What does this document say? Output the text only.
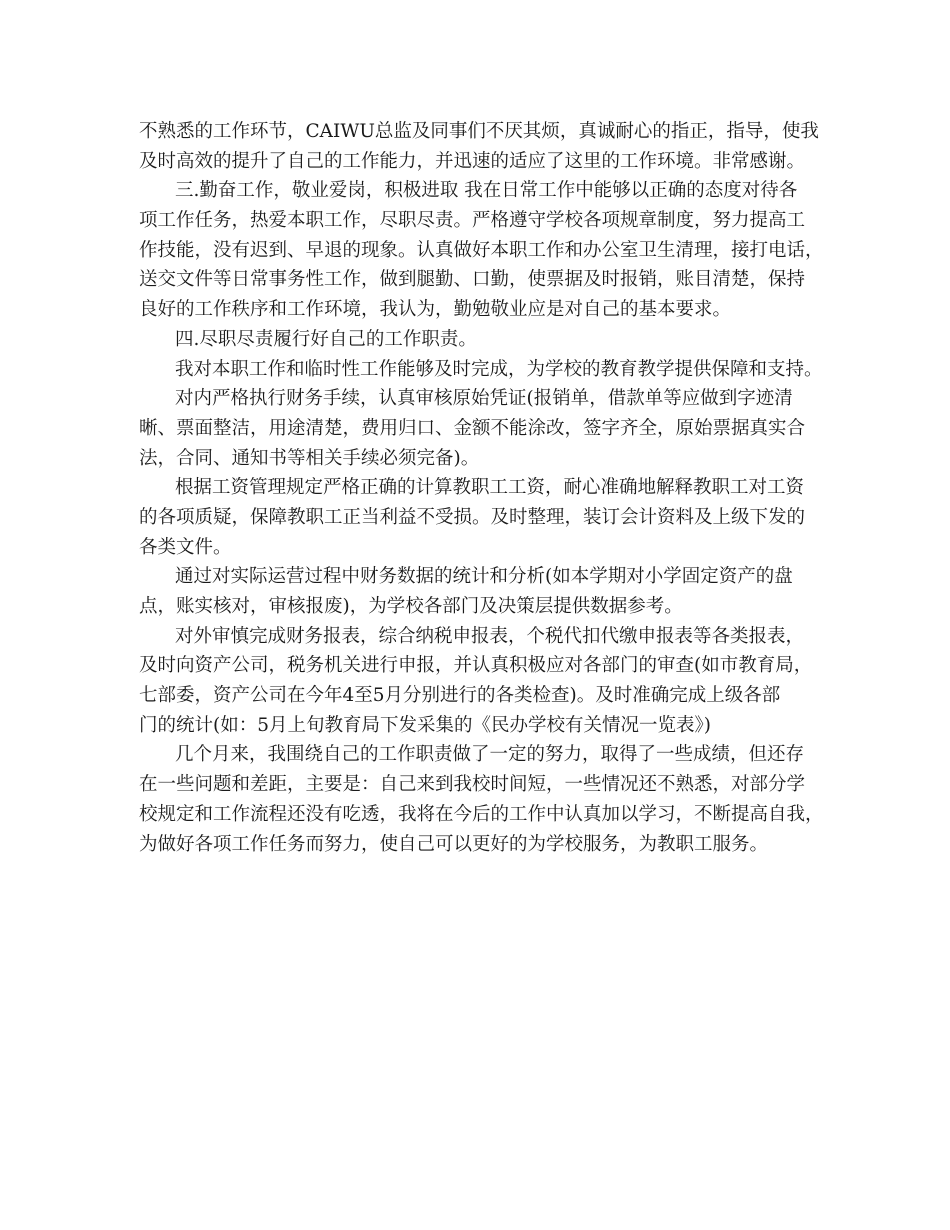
不熟悉的工作环节，CAIWU总监及同事们不厌其烦，真诚耐心的指正，指导，使我
及时高效的提升了自己的工作能力，并迅速的适应了这里的工作环境。非常感谢。
三.勤奋工作，敬业爱岗，积极进取 我在日常工作中能够以正确的态度对待各
项工作任务，热爱本职工作，尽职尽责。严格遵守学校各项规章制度，努力提高工
作技能，没有迟到、早退的现象。认真做好本职工作和办公室卫生清理，接打电话，
送交文件等日常事务性工作，做到腿勤、口勤，使票据及时报销，账目清楚，保持
良好的工作秩序和工作环境，我认为，勤勉敬业应是对自己的基本要求。
四.尽职尽责履行好自己的工作职责。
我对本职工作和临时性工作能够及时完成，为学校的教育教学提供保障和支持。
对内严格执行财务手续，认真审核原始凭证(报销单，借款单等应做到字迹清
晰、票面整洁，用途清楚，费用归口、金额不能涂改，签字齐全，原始票据真实合
法，合同、通知书等相关手续必须完备)。
根据工资管理规定严格正确的计算教职工工资，耐心准确地解释教职工对工资
的各项质疑，保障教职工正当利益不受损。及时整理，装订会计资料及上级下发的
各类文件。
通过对实际运营过程中财务数据的统计和分析(如本学期对小学固定资产的盘
点，账实核对，审核报废)，为学校各部门及决策层提供数据参考。
对外审慎完成财务报表，综合纳税申报表，个税代扣代缴申报表等各类报表，
及时向资产公司，税务机关进行申报，并认真积极应对各部门的审查(如市教育局，
七部委，资产公司在今年4至5月分别进行的各类检查)。及时准确完成上级各部
门的统计(如：5月上旬教育局下发采集的《民办学校有关情况一览表》)
几个月来，我围绕自己的工作职责做了一定的努力，取得了一些成绩，但还存
在一些问题和差距，主要是：自己来到我校时间短，一些情况还不熟悉，对部分学
校规定和工作流程还没有吃透，我将在今后的工作中认真加以学习，不断提高自我，
为做好各项工作任务而努力，使自己可以更好的为学校服务，为教职工服务。
